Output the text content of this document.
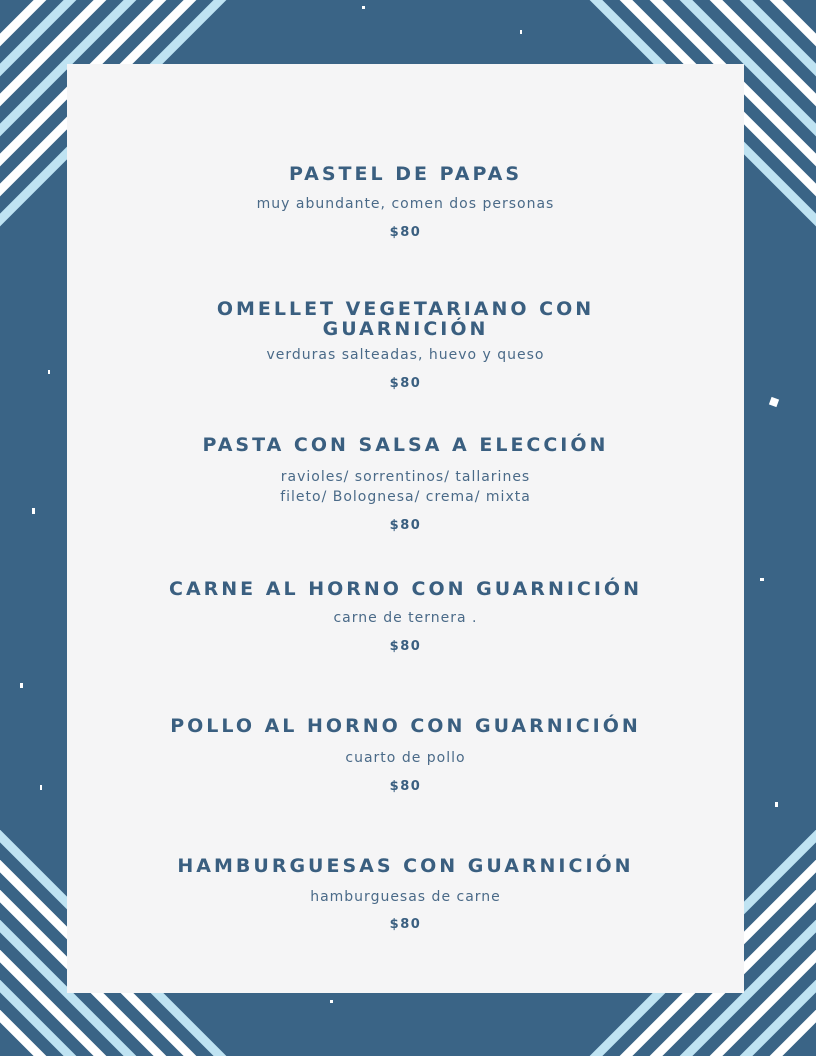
PASTEL DE PAPAS

muy abundante, comen dos personas

$80

OMELLET VEGETARIANO CON GUARNICIÓN

verduras salteadas, huevo y queso

$80

PASTA CON SALSA A ELECCIÓN

ravioles/ sorrentinos/ tallarines

fileto/ Bolognesa/ crema/ mixta

$80

CARNE AL HORNO CON GUARNICIÓN

carne de ternera .

$80

POLLO AL HORNO CON GUARNICIÓN

cuarto de pollo

$80

HAMBURGUESAS CON GUARNICIÓN

hamburguesas de carne

$80
